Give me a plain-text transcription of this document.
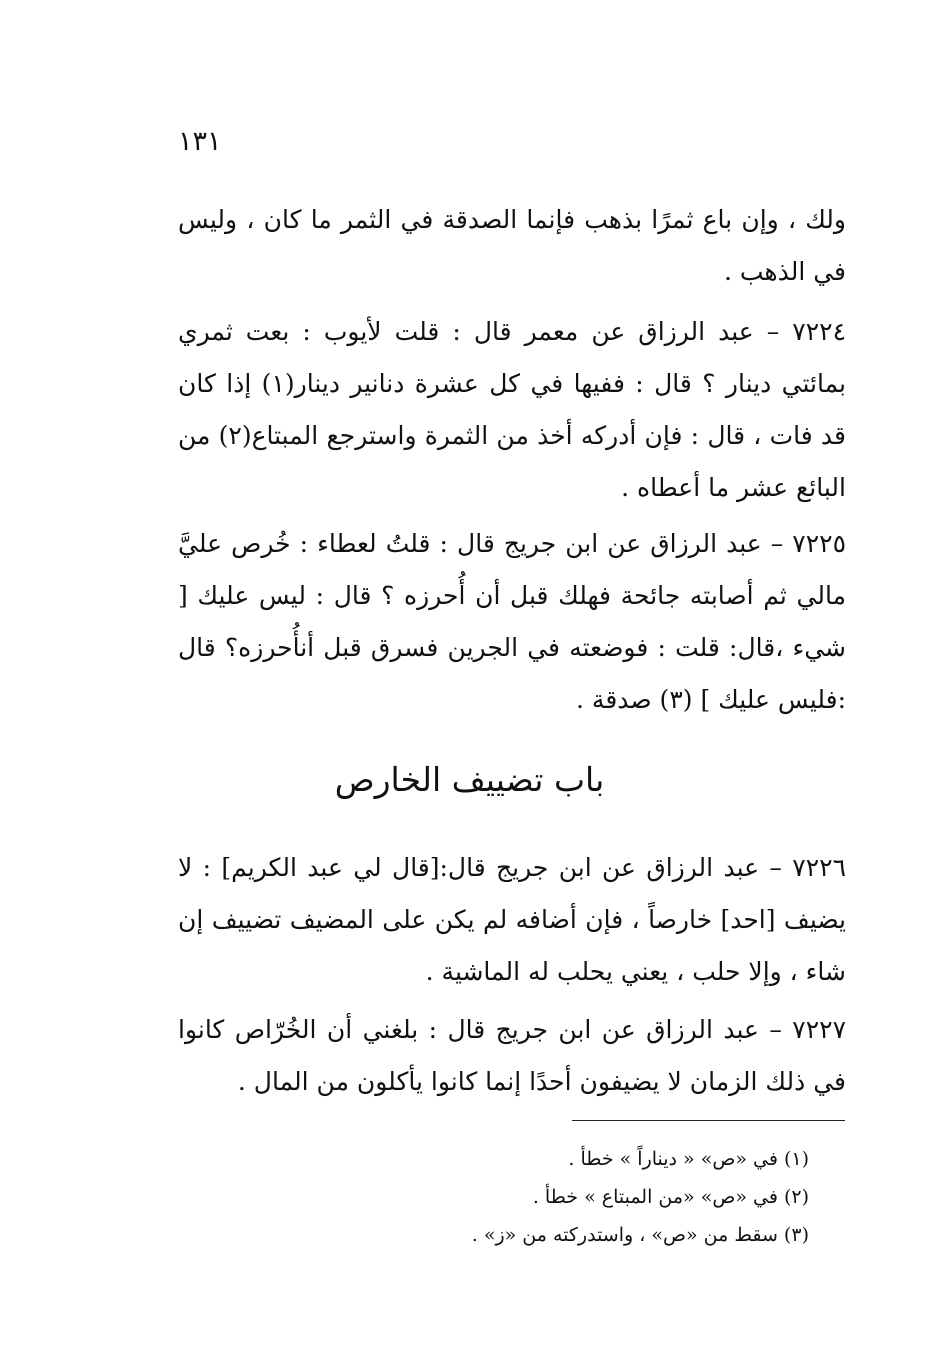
١٣١

ولك ، وإن باع ثمرًا بذهب فإنما الصدقة في الثمر ما كان ، وليس في الذهب .

٧٢٢٤ – عبد الرزاق عن معمر قال : قلت لأيوب : بعت ثمري بمائتي دينار ؟ قال : ففيها في كل عشرة دنانير دينار(١) إذا كان قد فات ، قال : فإن أدركه أخذ من الثمرة واسترجع المبتاع(٢) من البائع عشر ما أعطاه .

٧٢٢٥ – عبد الرزاق عن ابن جريج قال : قلتُ لعطاء : خُرص عليَّ مالي ثم أصابته جائحة فهلك قبل أن أُحرزه ؟ قال : ليس عليك [ شيء ،قال: قلت : فوضعته في الجرين فسرق قبل أنأُحرزه؟ قال :فليس عليك ] (٣) صدقة .

باب تضييف الخارص

٧٢٢٦ – عبد الرزاق عن ابن جريج قال:[قال لي عبد الكريم] : لا يضيف [احد] خارصاً ، فإن أضافه لم يكن على المضيف تضييف إن شاء ، وإلا حلب ، يعني يحلب له الماشية .

٧٢٢٧ – عبد الرزاق عن ابن جريج قال : بلغني أن الخُرّاص كانوا في ذلك الزمان لا يضيفون أحدًا إنما كانوا يأكلون من المال .

(١) في «ص» « ديناراً » خطأ .

(٢) في «ص» «من المبتاع » خطأ .

(٣) سقط من «ص» ، واستدركته من «ز» .
